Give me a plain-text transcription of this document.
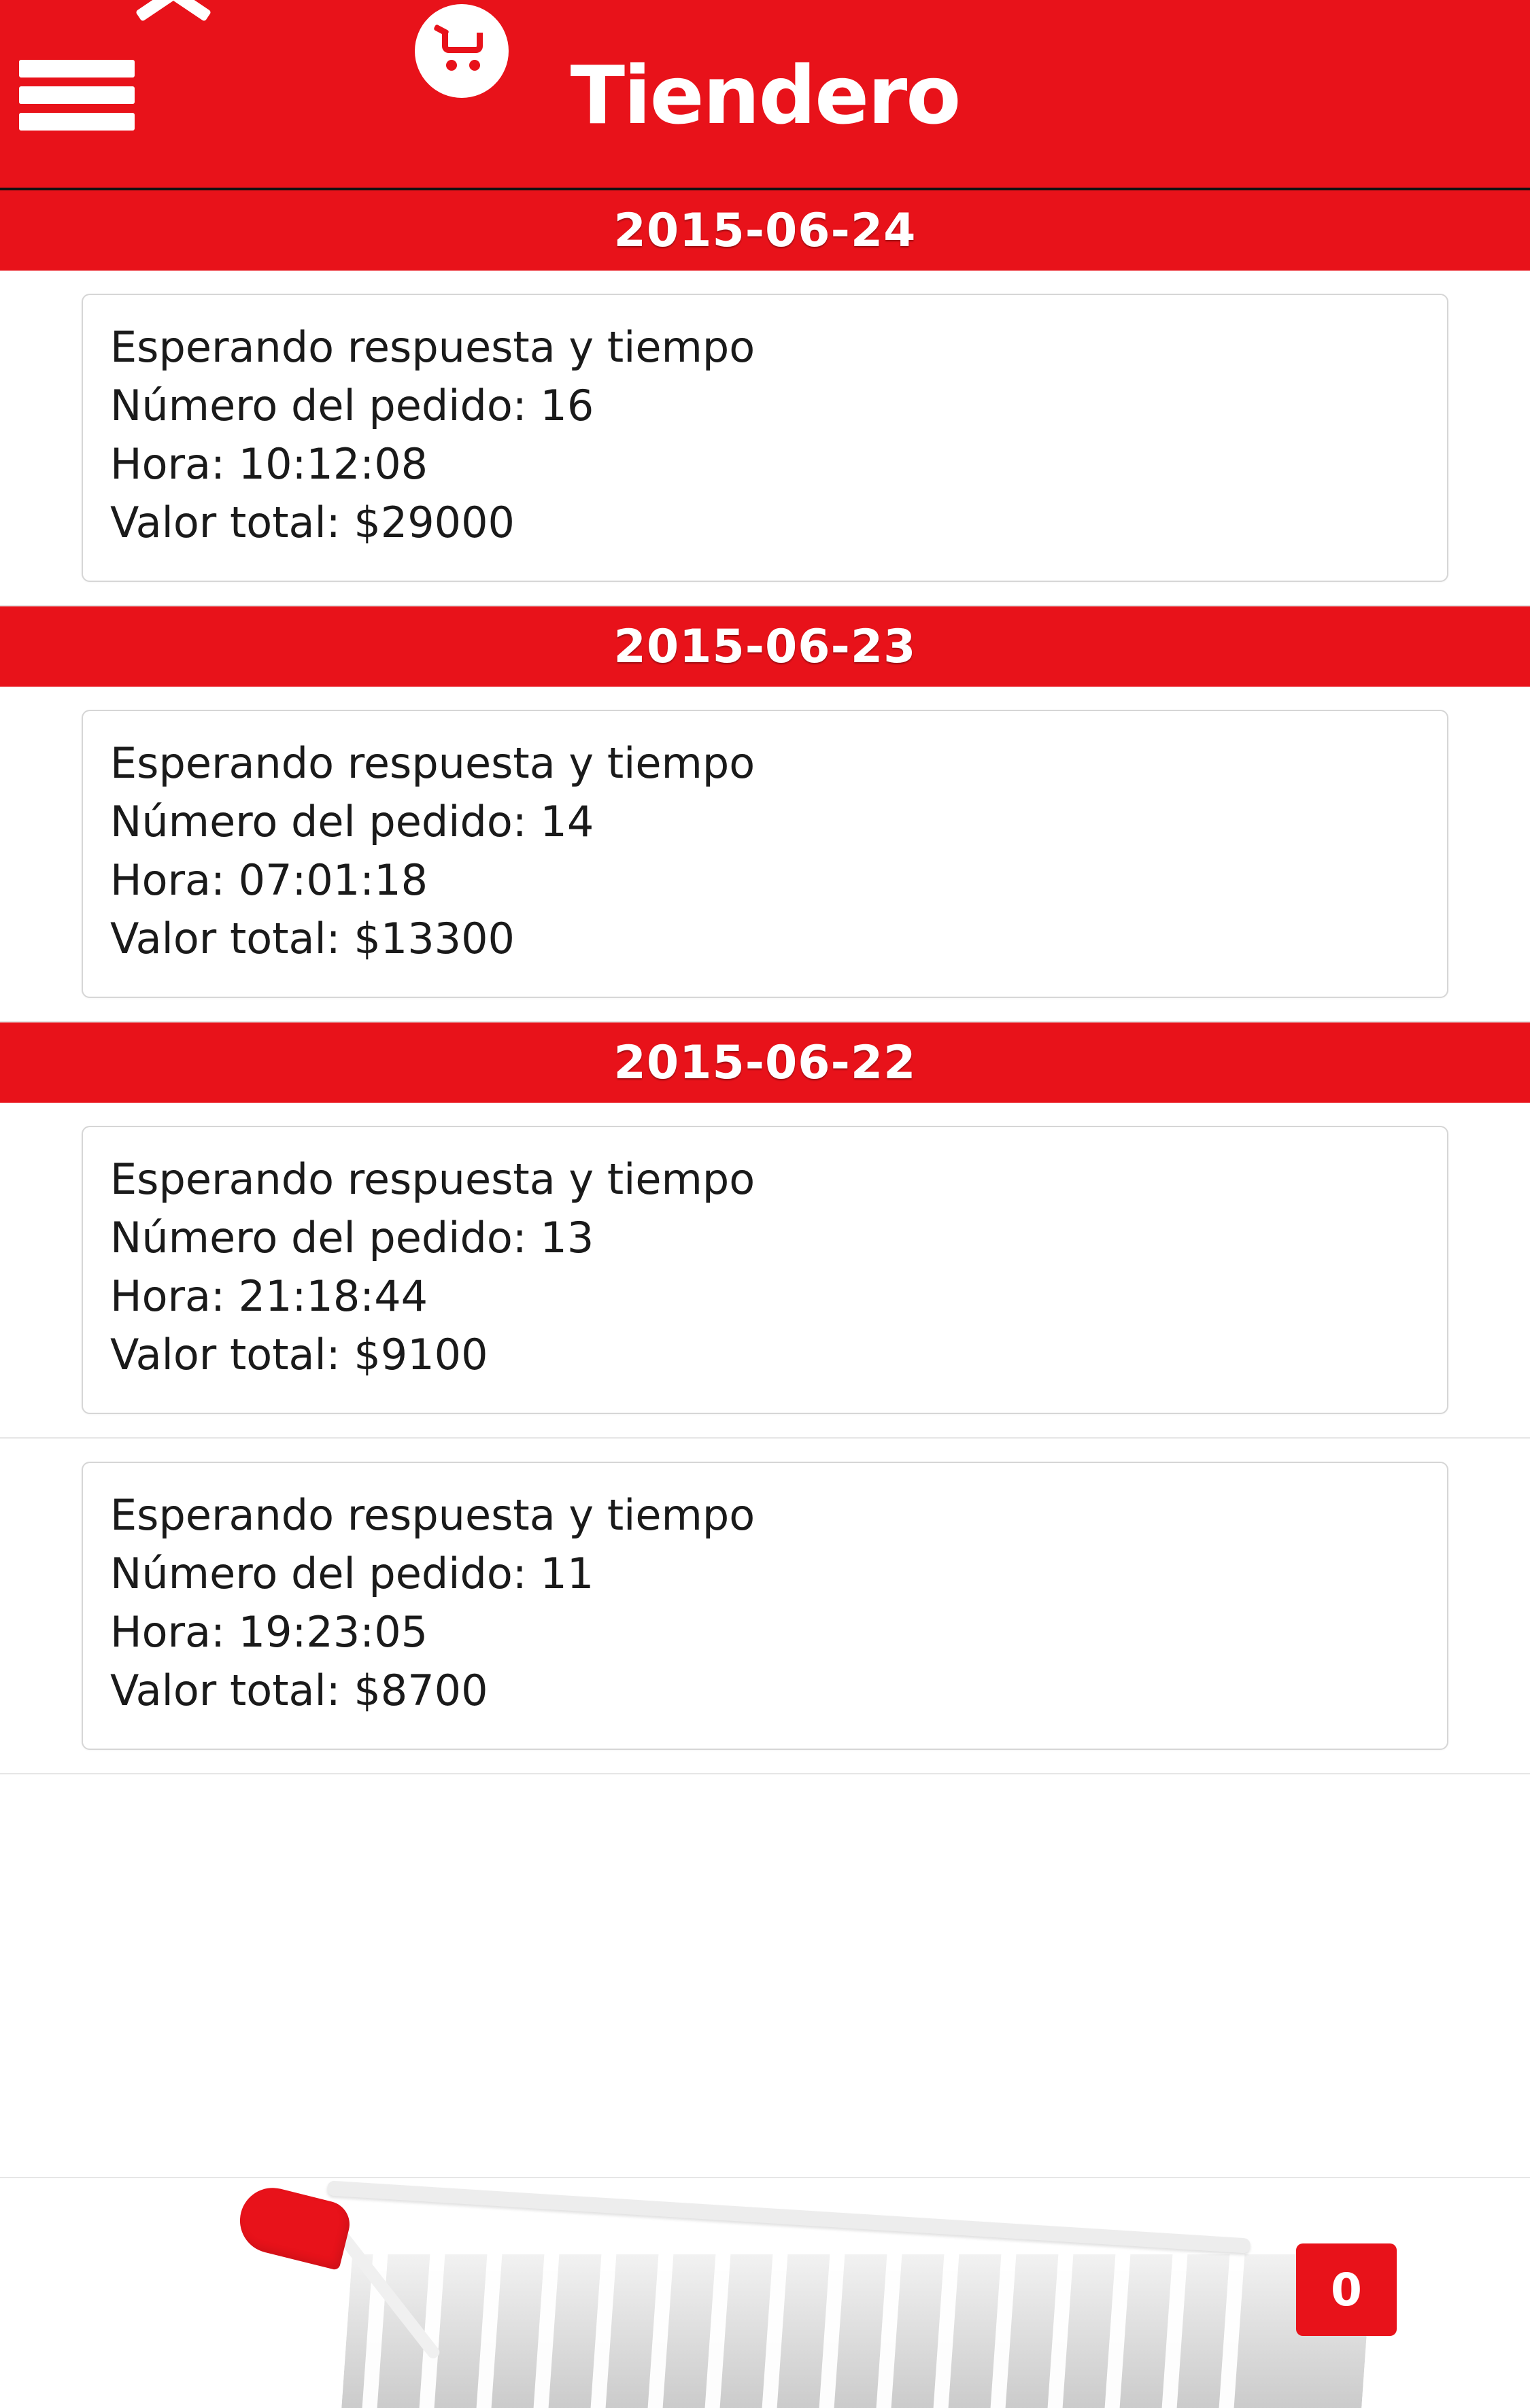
Tiendero
2015-06-24
Esperando respuesta y tiempo
Número del pedido: 16
Hora: 10:12:08
Valor total: $29000
2015-06-23
Esperando respuesta y tiempo
Número del pedido: 14
Hora: 07:01:18
Valor total: $13300
2015-06-22
Esperando respuesta y tiempo
Número del pedido: 13
Hora: 21:18:44
Valor total: $9100
Esperando respuesta y tiempo
Número del pedido: 11
Hora: 19:23:05
Valor total: $8700
0
